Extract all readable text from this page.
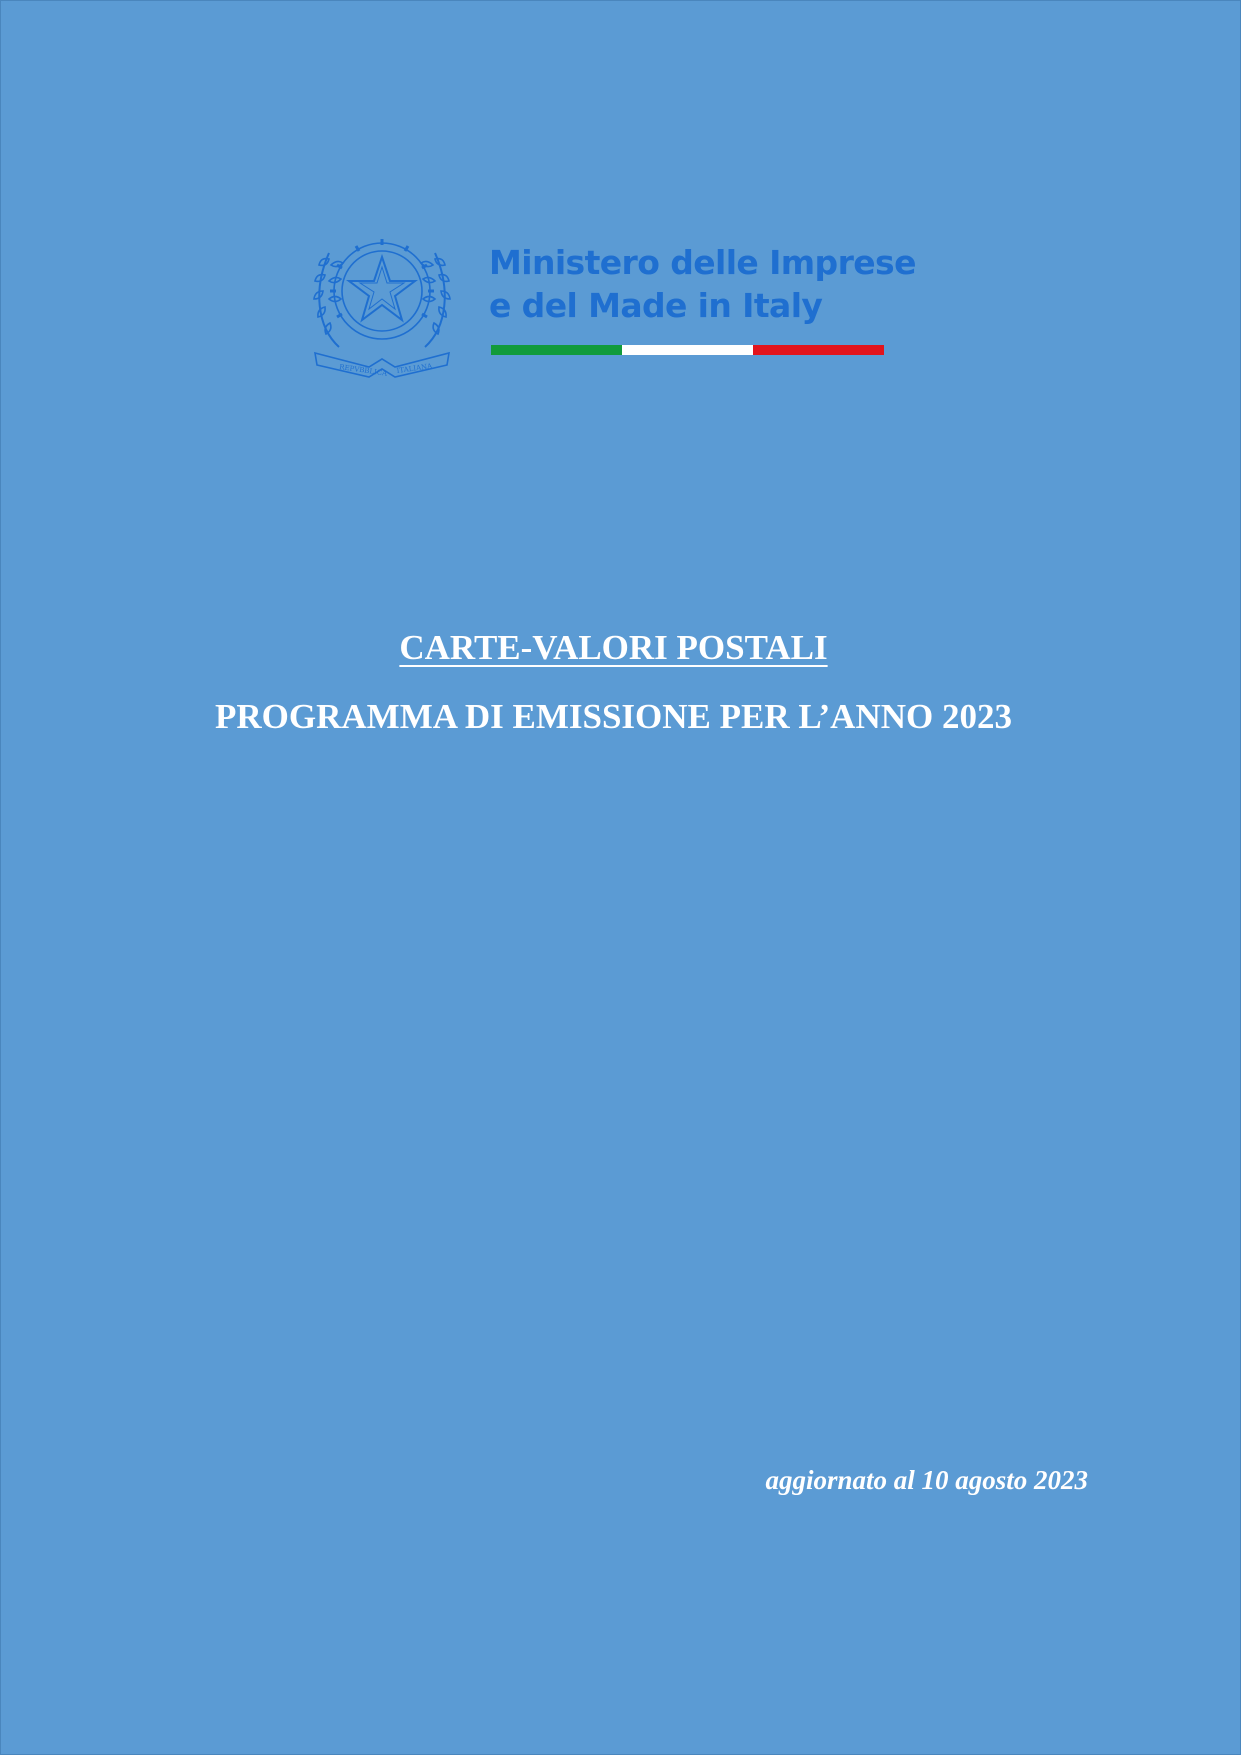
REPVBBLICA ITALIANA
Ministero delle Imprese
e del Made in Italy
CARTE-VALORI POSTALI
PROGRAMMA DI EMISSIONE PER L’ANNO 2023
aggiornato al 10 agosto 2023
